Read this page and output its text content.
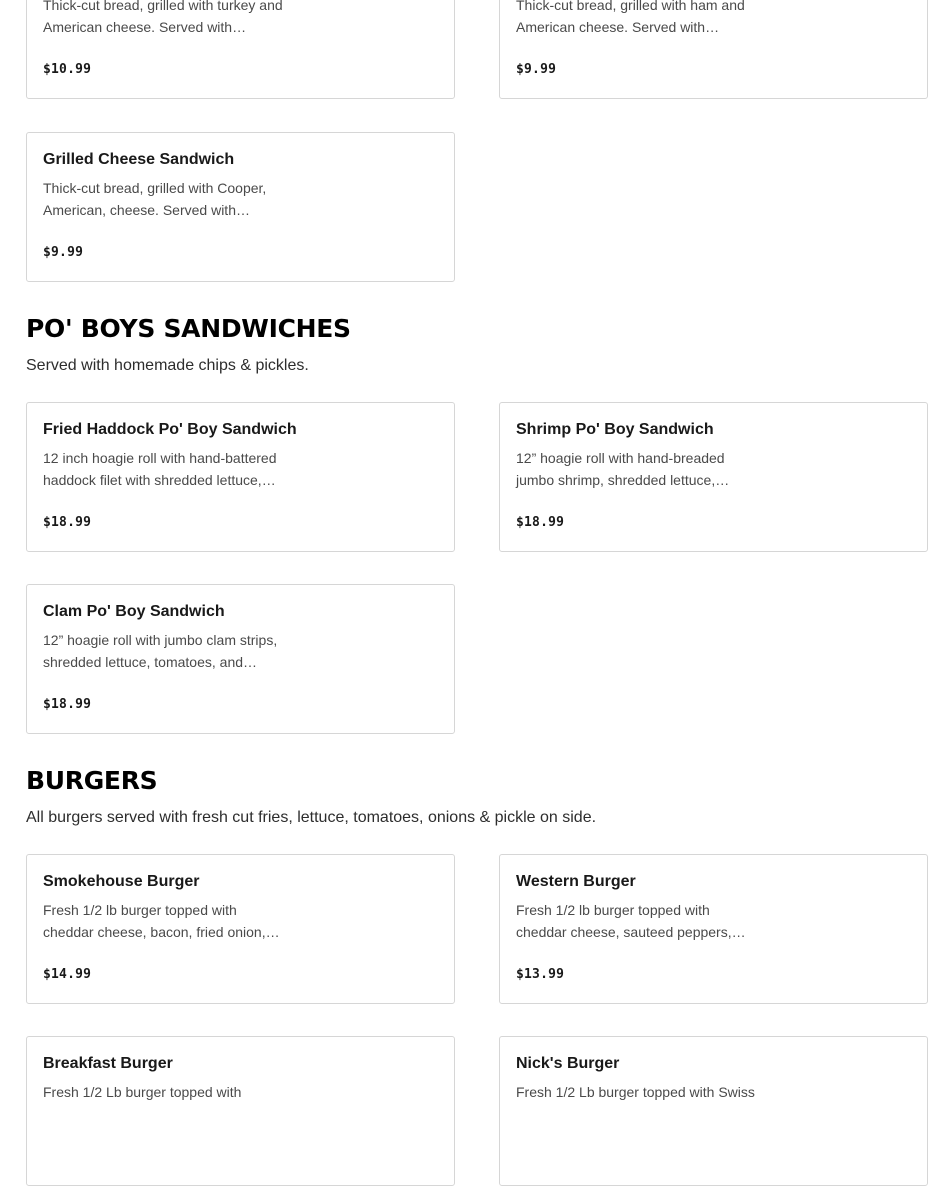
Thick-cut bread, grilled with turkey and
American cheese. Served with…
$10.99
Thick-cut bread, grilled with ham and
American cheese. Served with…
$9.99
Grilled Cheese Sandwich
Thick-cut bread, grilled with Cooper,
American, cheese. Served with…
$9.99
PO' BOYS SANDWICHES

Served with homemade chips & pickles.

Fried Haddock Po' Boy Sandwich
12 inch hoagie roll with hand-battered
haddock filet with shredded lettuce,…
$18.99
Shrimp Po' Boy Sandwich
12” hoagie roll with hand-breaded
jumbo shrimp, shredded lettuce,…
$18.99
Clam Po' Boy Sandwich
12” hoagie roll with jumbo clam strips,
shredded lettuce, tomatoes, and…
$18.99
BURGERS

All burgers served with fresh cut fries, lettuce, tomatoes, onions & pickle on side.

Smokehouse Burger
Fresh 1/2 lb burger topped with
cheddar cheese, bacon, fried onion,…
$14.99
Western Burger
Fresh 1/2 lb burger topped with
cheddar cheese, sauteed peppers,…
$13.99
Breakfast Burger
Fresh 1/2 Lb burger topped with
Nick's Burger
Fresh 1/2 Lb burger topped with Swiss
